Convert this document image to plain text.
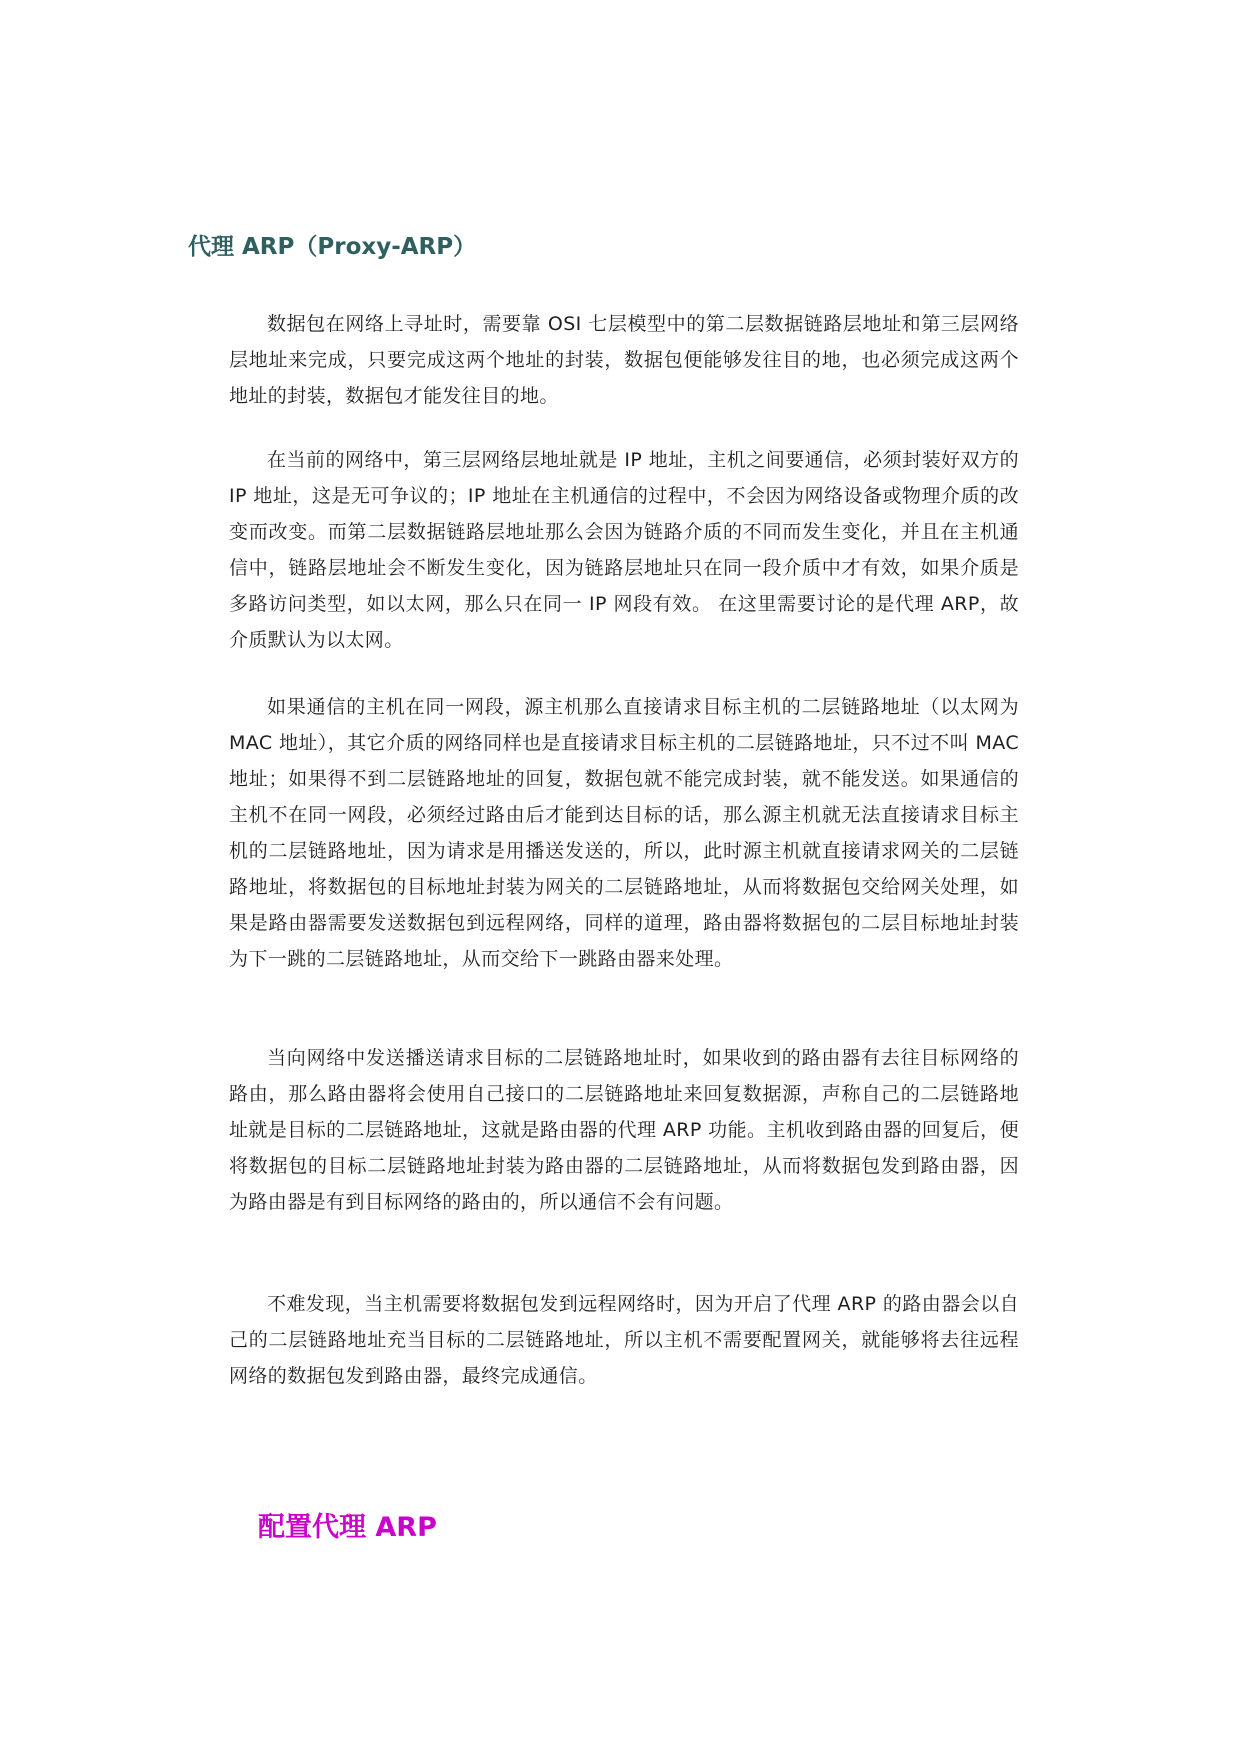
代理 ARP（Proxy-ARP）

数据包在网络上寻址时，需要靠 OSI 七层模型中的第二层数据链路层地址和第三层网络层地址来完成，只要完成这两个地址的封装，数据包便能够发往目的地，也必须完成这两个地址的封装，数据包才能发往目的地。

在当前的网络中，第三层网络层地址就是 IP 地址，主机之间要通信，必须封装好双方的 IP 地址，这是无可争议的；IP 地址在主机通信的过程中，不会因为网络设备或物理介质的改变而改变。而第二层数据链路层地址那么会因为链路介质的不同而发生变化，并且在主机通信中，链路层地址会不断发生变化，因为链路层地址只在同一段介质中才有效，如果介质是多路访问类型，如以太网，那么只在同一 IP 网段有效。 在这里需要讨论的是代理 ARP，故介质默认为以太网。

如果通信的主机在同一网段，源主机那么直接请求目标主机的二层链路地址（以太网为 MAC 地址），其它介质的网络同样也是直接请求目标主机的二层链路地址，只不过不叫 MAC 地址；如果得不到二层链路地址的回复，数据包就不能完成封装，就不能发送。如果通信的主机不在同一网段，必须经过路由后才能到达目标的话，那么源主机就无法直接请求目标主机的二层链路地址，因为请求是用播送发送的，所以，此时源主机就直接请求网关的二层链路地址，将数据包的目标地址封装为网关的二层链路地址，从而将数据包交给网关处理，如果是路由器需要发送数据包到远程网络，同样的道理，路由器将数据包的二层目标地址封装为下一跳的二层链路地址，从而交给下一跳路由器来处理。

当向网络中发送播送请求目标的二层链路地址时，如果收到的路由器有去往目标网络的路由，那么路由器将会使用自己接口的二层链路地址来回复数据源，声称自己的二层链路地址就是目标的二层链路地址，这就是路由器的代理 ARP 功能。主机收到路由器的回复后，便将数据包的目标二层链路地址封装为路由器的二层链路地址，从而将数据包发到路由器，因为路由器是有到目标网络的路由的，所以通信不会有问题。

不难发现，当主机需要将数据包发到远程网络时，因为开启了代理 ARP 的路由器会以自己的二层链路地址充当目标的二层链路地址，所以主机不需要配置网关，就能够将去往远程网络的数据包发到路由器，最终完成通信。

配置代理 ARP
